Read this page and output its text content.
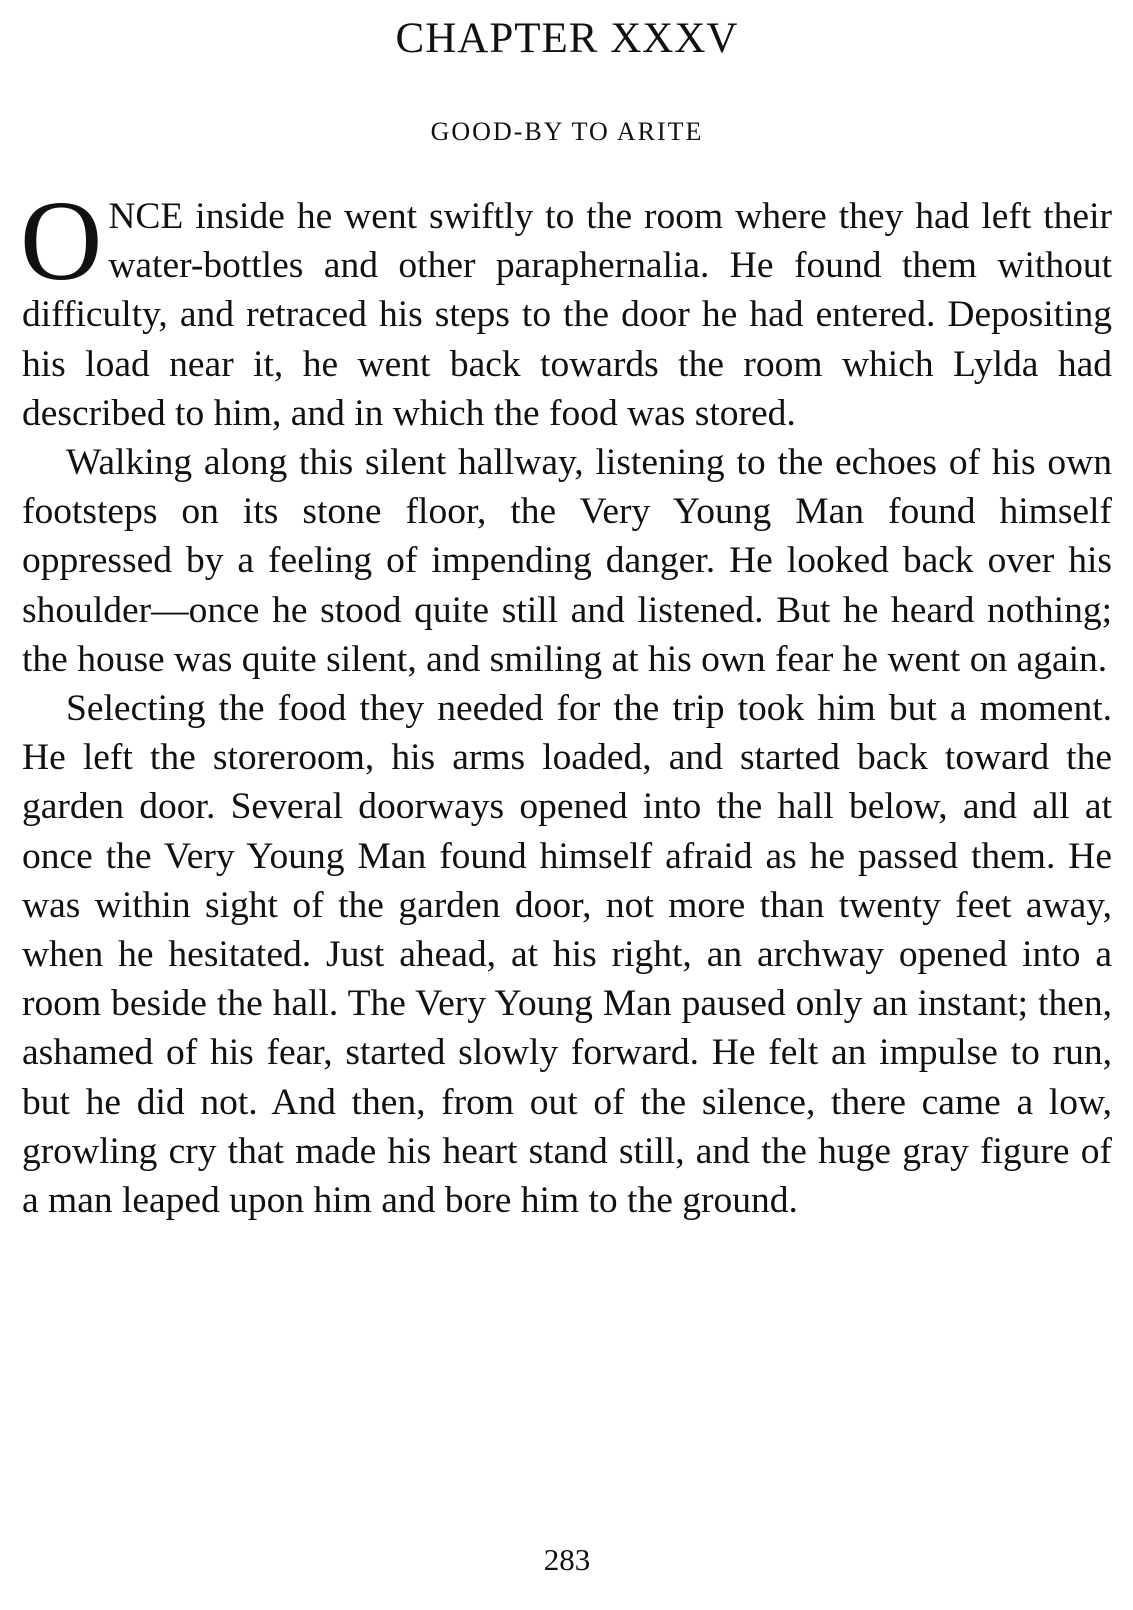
CHAPTER XXXV
GOOD-BY TO ARITE

ONCE inside he went swiftly to the room where they had left their water-bottles and other paraphernalia. He found them without difficulty, and retraced his steps to the door he had entered. Depositing his load near it, he went back towards the room which Lylda had described to him, and in which the food was stored.

Walking along this silent hallway, listening to the echoes of his own footsteps on its stone floor, the Very Young Man found himself oppressed by a feeling of impending danger. He looked back over his shoulder—once he stood quite still and listened. But he heard nothing; the house was quite silent, and smiling at his own fear he went on again.

Selecting the food they needed for the trip took him but a moment. He left the storeroom, his arms loaded, and started back toward the garden door. Several doorways opened into the hall below, and all at once the Very Young Man found himself afraid as he passed them. He was within sight of the garden door, not more than twenty feet away, when he hesitated. Just ahead, at his right, an archway opened into a room beside the hall. The Very Young Man paused only an instant; then, ashamed of his fear, started slowly forward. He felt an impulse to run, but he did not. And then, from out of the silence, there came a low, growling cry that made his heart stand still, and the huge gray figure of a man leaped upon him and bore him to the ground.

283
